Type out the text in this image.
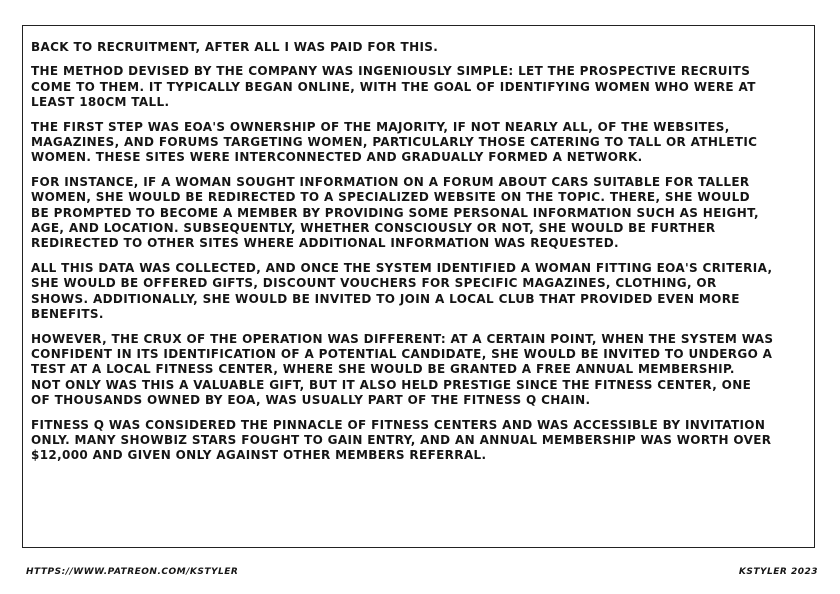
BACK TO RECRUITMENT, AFTER ALL I WAS PAID FOR THIS.

THE METHOD DEVISED BY THE COMPANY WAS INGENIOUSLY SIMPLE: LET THE PROSPECTIVE RECRUITS
COME TO THEM. IT TYPICALLY BEGAN ONLINE, WITH THE GOAL OF IDENTIFYING WOMEN WHO WERE AT
LEAST 180CM TALL.

THE FIRST STEP WAS EOA'S OWNERSHIP OF THE MAJORITY, IF NOT NEARLY ALL, OF THE WEBSITES,
MAGAZINES, AND FORUMS TARGETING WOMEN, PARTICULARLY THOSE CATERING TO TALL OR ATHLETIC
WOMEN. THESE SITES WERE INTERCONNECTED AND GRADUALLY FORMED A NETWORK.

FOR INSTANCE, IF A WOMAN SOUGHT INFORMATION ON A FORUM ABOUT CARS SUITABLE FOR TALLER
WOMEN, SHE WOULD BE REDIRECTED TO A SPECIALIZED WEBSITE ON THE TOPIC. THERE, SHE WOULD
BE PROMPTED TO BECOME A MEMBER BY PROVIDING SOME PERSONAL INFORMATION SUCH AS HEIGHT,
AGE, AND LOCATION. SUBSEQUENTLY, WHETHER CONSCIOUSLY OR NOT, SHE WOULD BE FURTHER
REDIRECTED TO OTHER SITES WHERE ADDITIONAL INFORMATION WAS REQUESTED.

ALL THIS DATA WAS COLLECTED, AND ONCE THE SYSTEM IDENTIFIED A WOMAN FITTING EOA'S CRITERIA,
SHE WOULD BE OFFERED GIFTS, DISCOUNT VOUCHERS FOR SPECIFIC MAGAZINES, CLOTHING, OR
SHOWS. ADDITIONALLY, SHE WOULD BE INVITED TO JOIN A LOCAL CLUB THAT PROVIDED EVEN MORE
BENEFITS.

HOWEVER, THE CRUX OF THE OPERATION WAS DIFFERENT: AT A CERTAIN POINT, WHEN THE SYSTEM WAS
CONFIDENT IN ITS IDENTIFICATION OF A POTENTIAL CANDIDATE, SHE WOULD BE INVITED TO UNDERGO A
TEST AT A LOCAL FITNESS CENTER, WHERE SHE WOULD BE GRANTED A FREE ANNUAL MEMBERSHIP.
NOT ONLY WAS THIS A VALUABLE GIFT, BUT IT ALSO HELD PRESTIGE SINCE THE FITNESS CENTER, ONE
OF THOUSANDS OWNED BY EOA, WAS USUALLY PART OF THE FITNESS Q CHAIN.

FITNESS Q WAS CONSIDERED THE PINNACLE OF FITNESS CENTERS AND WAS ACCESSIBLE BY INVITATION
ONLY. MANY SHOWBIZ STARS FOUGHT TO GAIN ENTRY, AND AN ANNUAL MEMBERSHIP WAS WORTH OVER
$12,000 AND GIVEN ONLY AGAINST OTHER MEMBERS REFERRAL.

HTTPS://WWW.PATREON.COM/KSTYLER	KSTYLER 2023
